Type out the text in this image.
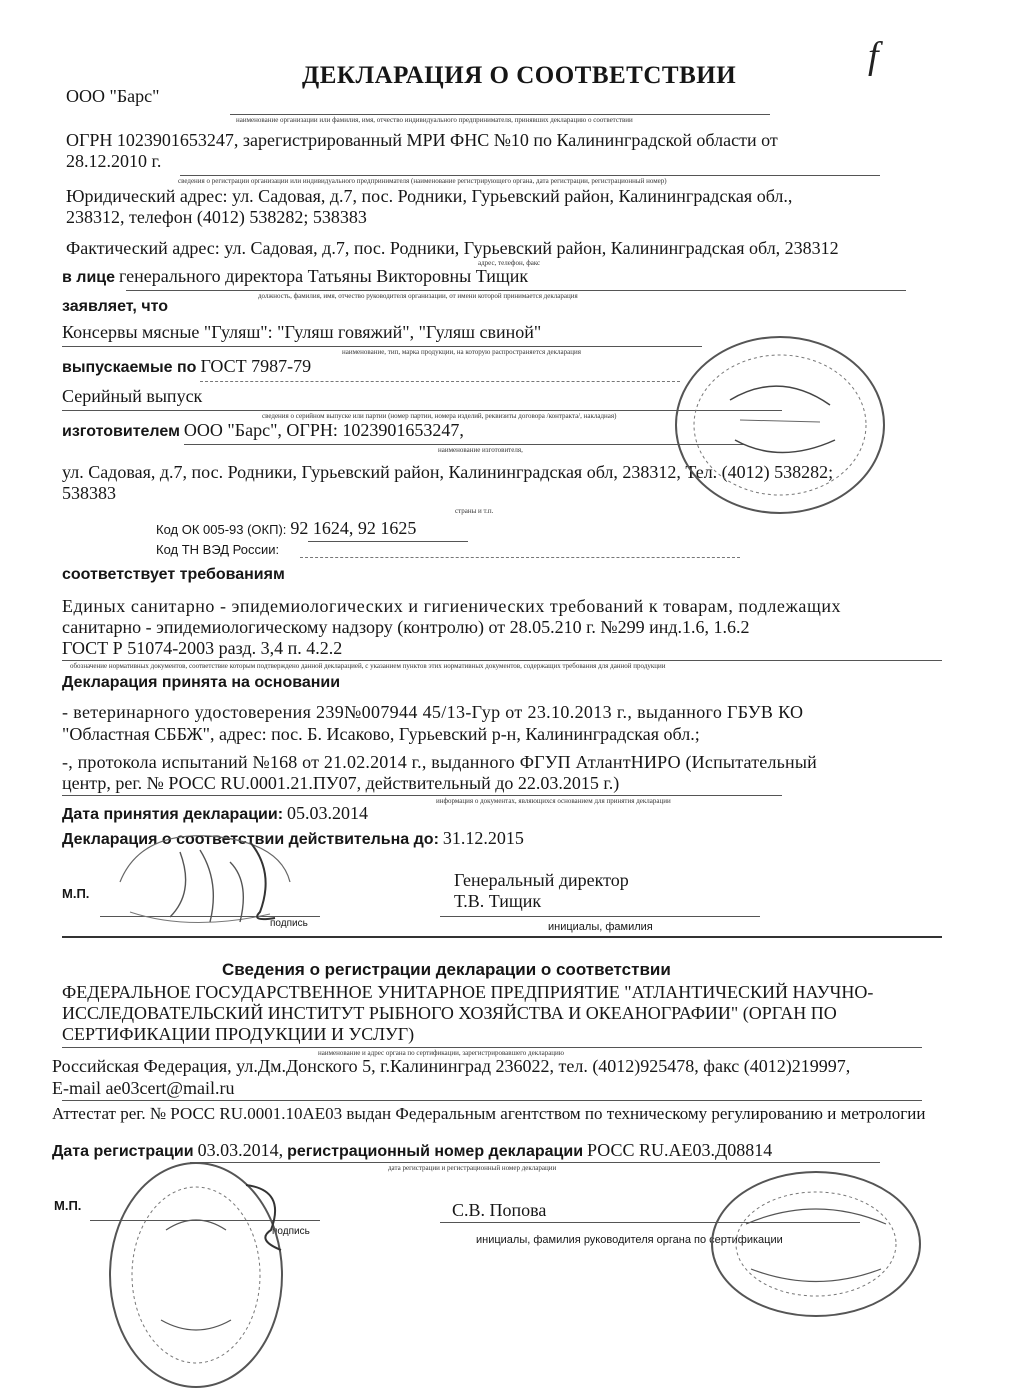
f
ДЕКЛАРАЦИЯ О СООТВЕТСТВИИ
ООО "Барс"
наименование организации или фамилия, имя, отчество индивидуального предпринимателя, принявших декларацию о соответствии
ОГРН 1023901653247, зарегистрированный МРИ ФНС №10 по Калининградской области от
28.12.2010 г.
сведения о регистрации организации или индивидуального предпринимателя (наименование регистрирующего органа, дата регистрации, регистрационный номер)
Юридический адрес: ул. Садовая, д.7, пос. Родники, Гурьевский район, Калининградская обл.,
238312, телефон (4012) 538282; 538383
Фактический адрес: ул. Садовая, д.7, пос. Родники, Гурьевский район, Калининградская обл, 238312
адрес, телефон, факс
в лице генерального директора Татьяны Викторовны Тищик
должность, фамилия, имя, отчество руководителя организации, от имени которой принимается декларация
заявляет, что
Консервы мясные "Гуляш": "Гуляш говяжий", "Гуляш свиной"
наименование, тип, марка продукции, на которую распространяется декларация
выпускаемые по ГОСТ 7987-79
Серийный выпуск
сведения о серийном выпуске или партии (номер партии, номера изделий, реквизиты договора /контракта/, накладная)
изготовителем ООО "Барс", ОГРН: 1023901653247,
наименование изготовителя,
ул. Садовая, д.7, пос. Родники, Гурьевский район, Калининградская обл, 238312, Тел. (4012) 538282;
538383
страны и т.п.
Код ОК 005-93 (ОКП): 92 1624, 92 1625
Код ТН ВЭД России:
соответствует требованиям
Единых санитарно - эпидемиологических и гигиенических требований к товарам, подлежащих
санитарно - эпидемиологическому надзору (контролю) от 28.05.210 г. №299 инд.1.6, 1.6.2
ГОСТ Р 51074-2003 разд. 3,4 п. 4.2.2
обозначение нормативных документов, соответствие которым подтверждено данной декларацией, с указанием пунктов этих нормативных документов, содержащих требования для данной продукции
Декларация принята на основании
- ветеринарного удостоверения 239№007944 45/13-Гур от 23.10.2013 г., выданного ГБУВ КО
"Областная СББЖ", адрес: пос. Б. Исаково, Гурьевский р-н, Калининградская обл.;
-, протокола испытаний №168 от 21.02.2014 г., выданного ФГУП АтлантНИРО (Испытательный
центр, рег. № РОСС RU.0001.21.ПУ07, действительный до 22.03.2015 г.)
информация о документах, являющихся основанием для принятия декларации
Дата принятия декларации: 05.03.2014
Декларация о соответствии действительна до: 31.12.2015
М.П.
подпись
Генеральный директор
Т.В. Тищик
инициалы, фамилия
Сведения о регистрации декларации о соответствии
ФЕДЕРАЛЬНОЕ ГОСУДАРСТВЕННОЕ УНИТАРНОЕ ПРЕДПРИЯТИЕ "АТЛАНТИЧЕСКИЙ НАУЧНО-
ИССЛЕДОВАТЕЛЬСКИЙ ИНСТИТУТ РЫБНОГО ХОЗЯЙСТВА И ОКЕАНОГРАФИИ" (ОРГАН ПО
СЕРТИФИКАЦИИ ПРОДУКЦИИ И УСЛУГ)
наименование и адрес органа по сертификации, зарегистрировавшего декларацию
Российская Федерация, ул.Дм.Донского 5, г.Калининград 236022, тел. (4012)925478, факс (4012)219997,
E-mail ae03cert@mail.ru
Аттестат рег. № РОСС RU.0001.10АЕ03 выдан Федеральным агентством по техническому регулированию и метрологии
Дата регистрации 03.03.2014, регистрационный номер декларации РОСС RU.АЕ03.Д08814
дата регистрации и регистрационный номер декларации
М.П.
подпись
С.В. Попова
инициалы, фамилия руководителя органа по сертификации
